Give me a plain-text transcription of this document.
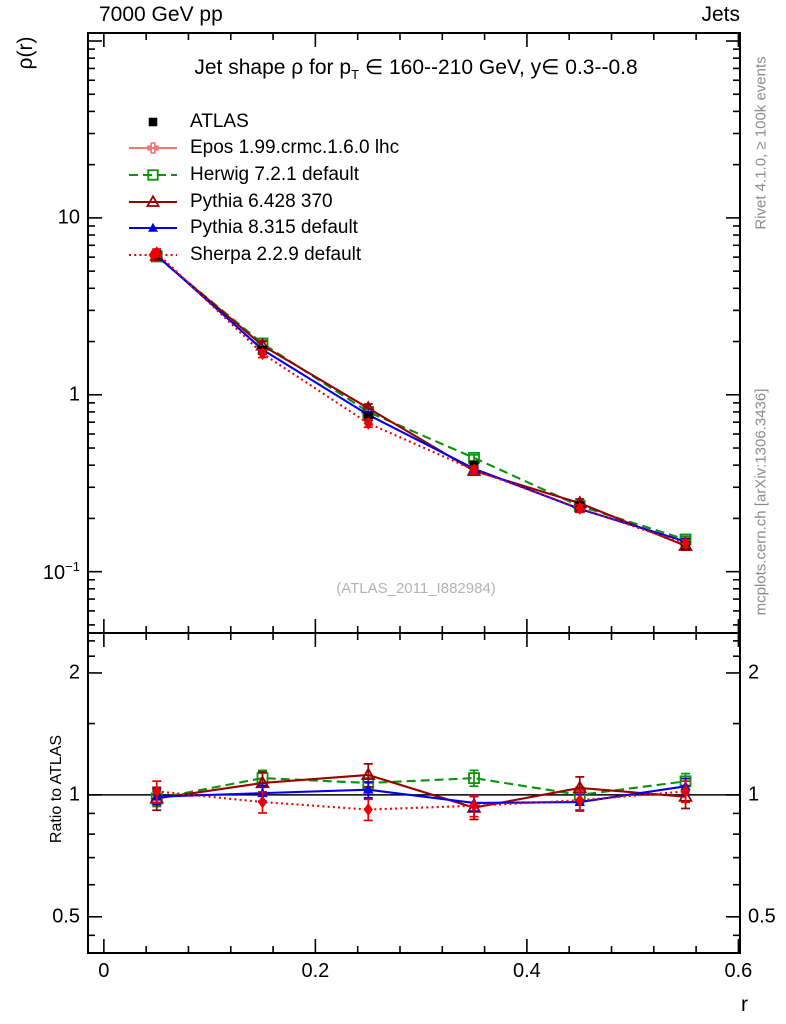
7000 GeV pp	Jets
Jet shape ρ for $p_T$ ∈ 160--210 GeV, y∈ 0.3--0.8
ATLAS
Epos 1.99.crmc.1.6.0 lhc
Herwig 7.2.1 default
Pythia 6.428 370
Pythia 8.315 default
Sherpa 2.2.9 default
(ATLAS_2011_I882984)
Rivet 4.1.0, ≥ 100k events
mcplots.cern.ch [arXiv:1306.3436]
ρ(r)
Ratio to ATLAS
r
10
1
$10^{-1}$
2	2
1	1
0.5	0.5
0	0.2	0.4	0.6
